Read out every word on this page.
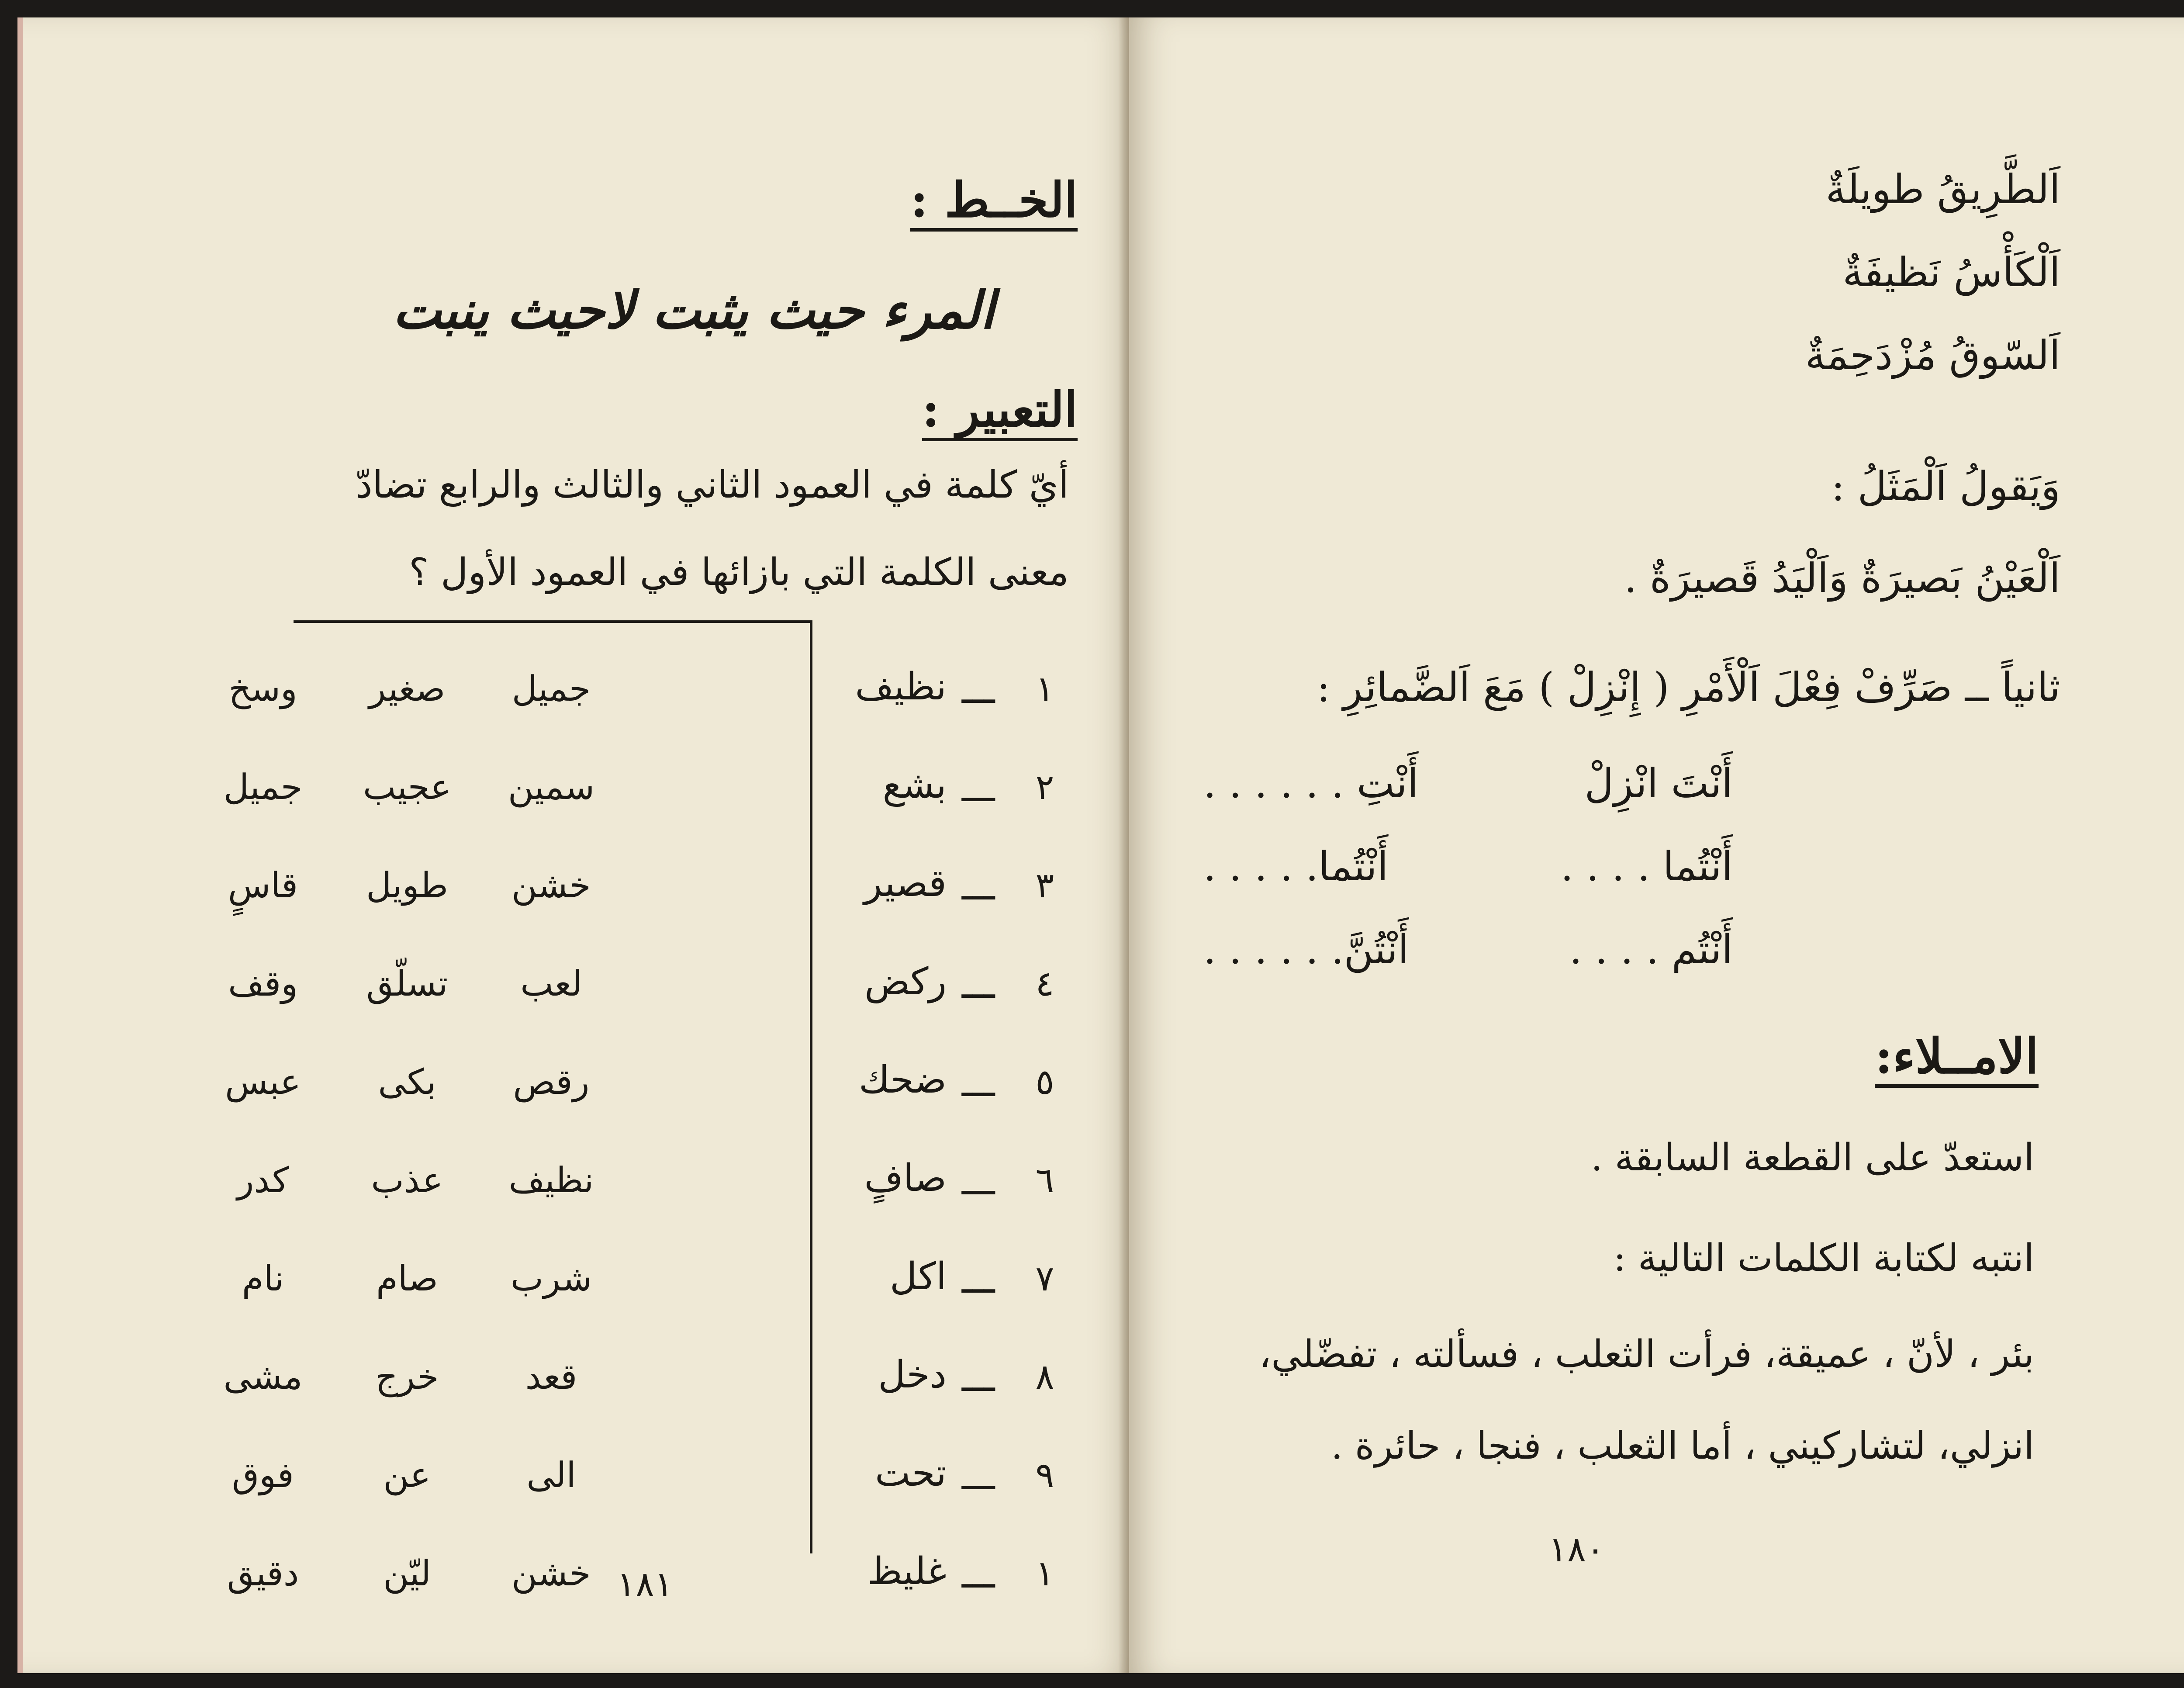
الخــط :
المرء حيث يثبت لاحيث ينبت
التعبير :
أيّ كلمة في العمود الثاني والثالث والرابع تضادّ
معنى الكلمة التي بازائها في العمود الأول ؟
١
ـــ
نظيف
جميل
صغير
وسخ
٢
ـــ
بشع
سمين
عجيب
جميل
٣
ـــ
قصير
خشن
طويل
قاسٍ
٤
ـــ
ركض
لعب
تسلّق
وقف
٥
ـــ
ضحك
رقص
بكى
عبس
٦
ـــ
صافٍ
نظيف
عذب
كدر
٧
ـــ
اكل
شرب
صام
نام
٨
ـــ
دخل
قعد
خرج
مشى
٩
ـــ
تحت
الى
عن
فوق
١
ـــ
غليظ
خشن
ليّن
دقيق	١٨١
اَلطَّرِيقُ طويلَةٌ
اَلْكَأْسُ نَظيفَةٌ
اَلسّوقُ مُزْدَحِمَةٌ
وَيَقولُ اَلْمَثَلُ :
اَلْعَيْنُ بَصيرَةٌ وَاَلْيَدُ قَصيرَةٌ .
ثانياً ــ صَرِّفْ فِعْلَ اَلْأَمْرِ ( إِنْزِلْ ) مَعَ اَلضَّمائِرِ :
أَنْتَ انْزِلْ
أَنْتِ . . . . . .
أَنْتُما . . . .
أَنْتُما. . . . .
أَنْتُم . . . .
أَنْتُنَّ. . . . . .
الامــلاء:
استعدّ على القطعة السابقة .
انتبه لكتابة الكلمات التالية :
بئر ، لأنّ ، عميقة، فرأت الثعلب ، فسألته ، تفضّلي،
انزلي، لتشاركيني ، أما الثعلب ، فنجا ، حائرة .
١٨٠
